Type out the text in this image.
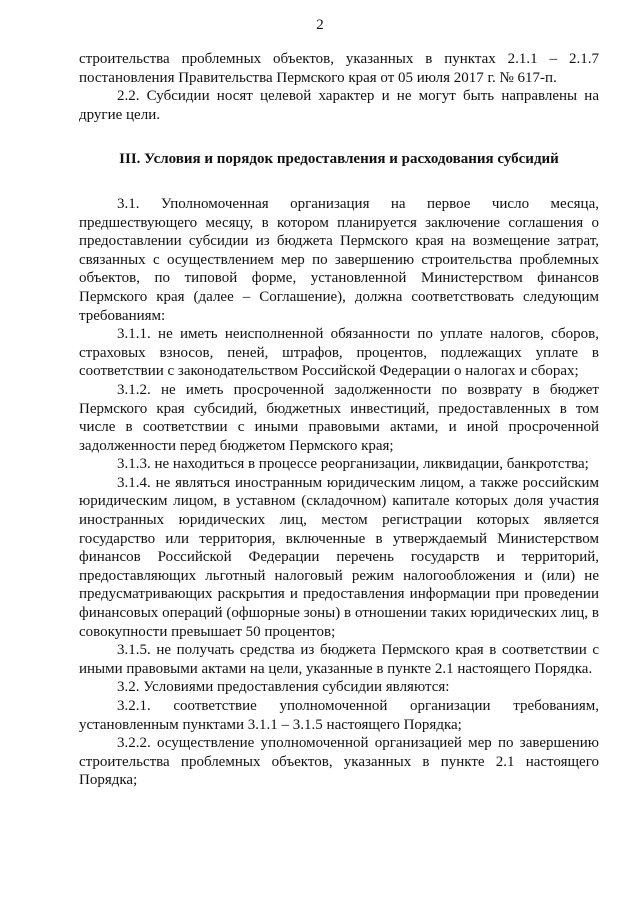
2

строительства проблемных объектов, указанных в пунктах 2.1.1 – 2.1.7 постановления Правительства Пермского края от 05 июля 2017 г. № 617-п.

2.2. Субсидии носят целевой характер и не могут быть направлены на другие цели.

III. Условия и порядок предоставления и расходования субсидий

3.1. Уполномоченная организация на первое число месяца, предшествующего месяцу, в котором планируется заключение соглашения о предоставлении субсидии из бюджета Пермского края на возмещение затрат, связанных с осуществлением мер по завершению строительства проблемных объектов, по типовой форме, установленной Министерством финансов Пермского края (далее – Соглашение), должна соответствовать следующим требованиям:

3.1.1. не иметь неисполненной обязанности по уплате налогов, сборов, страховых взносов, пеней, штрафов, процентов, подлежащих уплате в соответствии с законодательством Российской Федерации о налогах и сборах;

3.1.2. не иметь просроченной задолженности по возврату в бюджет Пермского края субсидий, бюджетных инвестиций, предоставленных в том числе в соответствии с иными правовыми актами, и иной просроченной задолженности перед бюджетом Пермского края;

3.1.3. не находиться в процессе реорганизации, ликвидации, банкротства;

3.1.4. не являться иностранным юридическим лицом, а также российским юридическим лицом, в уставном (складочном) капитале которых доля участия иностранных юридических лиц, местом регистрации которых является государство или территория, включенные в утверждаемый Министерством финансов Российской Федерации перечень государств и территорий, предоставляющих льготный налоговый режим налогообложения и (или) не предусматривающих раскрытия и предоставления информации при проведении финансовых операций (офшорные зоны) в отношении таких юридических лиц, в совокупности превышает 50 процентов;

3.1.5. не получать средства из бюджета Пермского края в соответствии с иными правовыми актами на цели, указанные в пункте 2.1 настоящего Порядка.

3.2. Условиями предоставления субсидии являются:

3.2.1. соответствие уполномоченной организации требованиям, установленным пунктами 3.1.1 – 3.1.5 настоящего Порядка;

3.2.2. осуществление уполномоченной организацией мер по завершению строительства проблемных объектов, указанных в пункте 2.1 настоящего Порядка;
